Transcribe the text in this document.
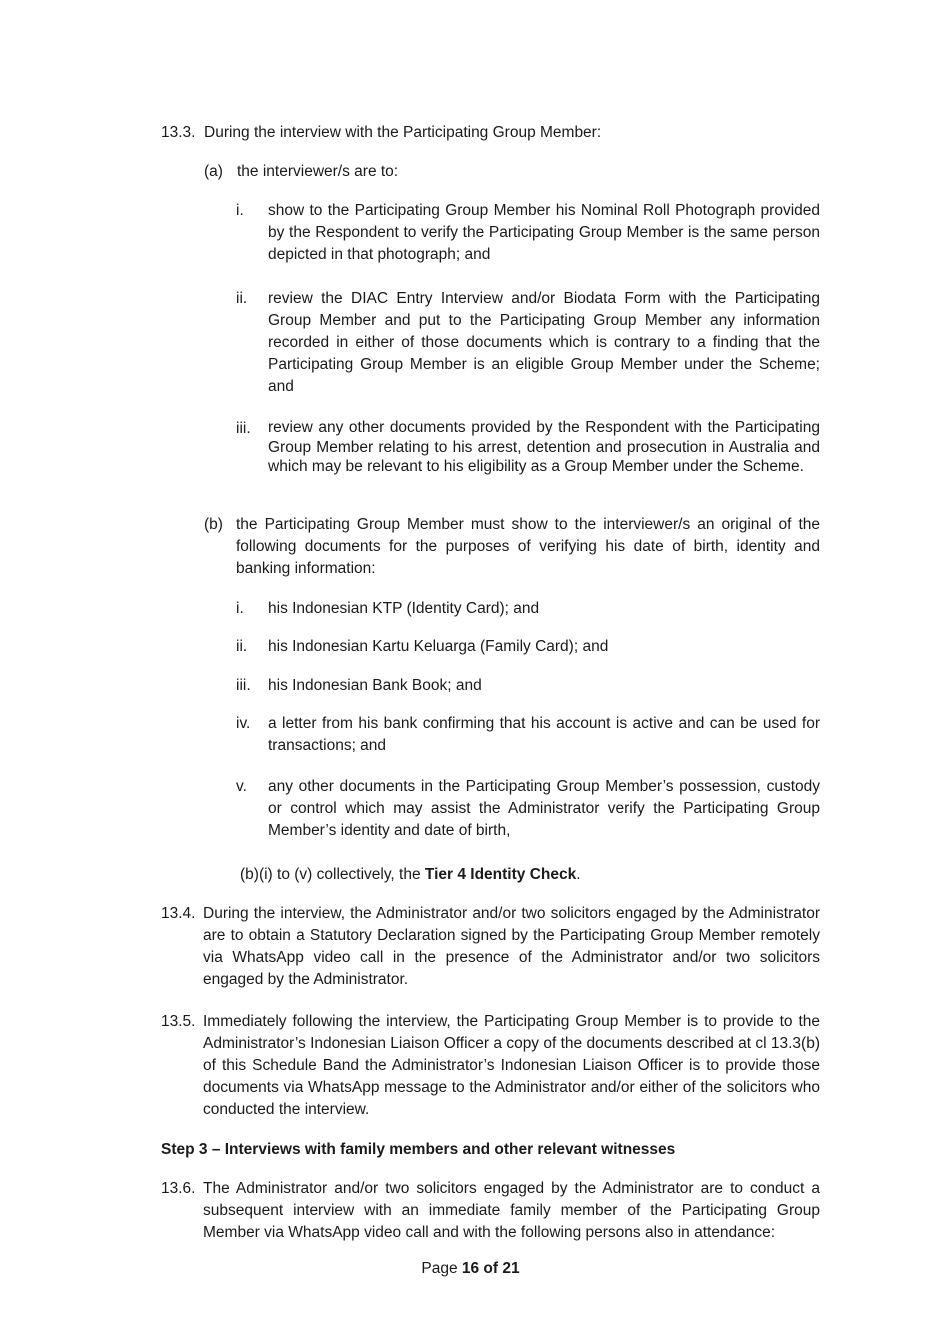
13.3. During the interview with the Participating Group Member:
(a) the interviewer/s are to:
i. show to the Participating Group Member his Nominal Roll Photograph provided by the Respondent to verify the Participating Group Member is the same person depicted in that photograph; and
ii. review the DIAC Entry Interview and/or Biodata Form with the Participating Group Member and put to the Participating Group Member any information recorded in either of those documents which is contrary to a finding that the Participating Group Member is an eligible Group Member under the Scheme; and
iii. review any other documents provided by the Respondent with the Participating Group Member relating to his arrest, detention and prosecution in Australia and which may be relevant to his eligibility as a Group Member under the Scheme.
(b) the Participating Group Member must show to the interviewer/s an original of the following documents for the purposes of verifying his date of birth, identity and banking information:
i. his Indonesian KTP (Identity Card); and
ii. his Indonesian Kartu Keluarga (Family Card); and
iii. his Indonesian Bank Book; and
iv. a letter from his bank confirming that his account is active and can be used for transactions; and
v. any other documents in the Participating Group Member’s possession, custody or control which may assist the Administrator verify the Participating Group Member’s identity and date of birth,
(b)(i) to (v) collectively, the Tier 4 Identity Check.
13.4. During the interview, the Administrator and/or two solicitors engaged by the Administrator are to obtain a Statutory Declaration signed by the Participating Group Member remotely via WhatsApp video call in the presence of the Administrator and/or two solicitors engaged by the Administrator.
13.5. Immediately following the interview, the Participating Group Member is to provide to the Administrator’s Indonesian Liaison Officer a copy of the documents described at cl 13.3(b) of this Schedule Band the Administrator’s Indonesian Liaison Officer is to provide those documents via WhatsApp message to the Administrator and/or either of the solicitors who conducted the interview.
Step 3 – Interviews with family members and other relevant witnesses
13.6. The Administrator and/or two solicitors engaged by the Administrator are to conduct a subsequent interview with an immediate family member of the Participating Group Member via WhatsApp video call and with the following persons also in attendance:
Page 16 of 21
